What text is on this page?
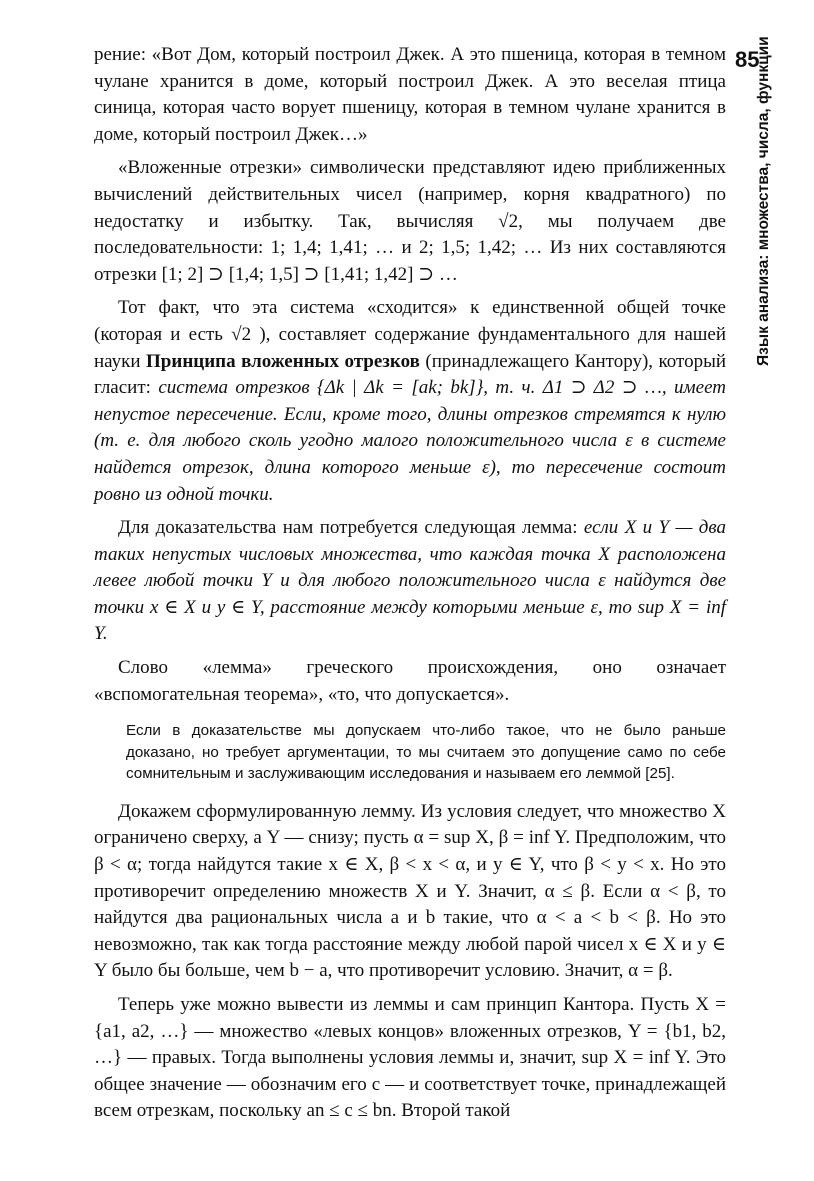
85
Язык анализа: множества, числа, функции

рение: «Вот Дом, который построил Джек. А это пшеница, которая в темном чулане хранится в доме, который построил Джек. А это веселая птица синица, которая часто ворует пшеницу, которая в темном чулане хранится в доме, который построил Джек…»

«Вложенные отрезки» символически представляют идею приближенных вычислений действительных чисел (например, корня квадратного) по недостатку и избытку. Так, вычисляя √2, мы получаем две последовательности: 1; 1,4; 1,41; … и 2; 1,5; 1,42; … Из них составляются отрезки [1; 2] ⊃ [1,4; 1,5] ⊃ [1,41; 1,42] ⊃ …

Тот факт, что эта система «сходится» к единственной общей точке (которая и есть √2 ), составляет содержание фундаментального для нашей науки Принципа вложенных отрезков (принадлежащего Кантору), который гласит: система отрезков {Δk | Δk = [ak; bk]}, т. ч. Δ1 ⊃ Δ2 ⊃ …, имеет непустое пересечение. Если, кроме того, длины отрезков стремятся к нулю (т. е. для любого сколь угодно малого положительного числа ε в системе найдется отрезок, длина которого меньше ε), то пересечение состоит ровно из одной точки.

Для доказательства нам потребуется следующая лемма: если X и Y — два таких непустых числовых множества, что каждая точка X расположена левее любой точки Y и для любого положительного числа ε найдутся две точки x ∈ X и y ∈ Y, расстояние между которыми меньше ε, то sup X = inf Y.

Слово «лемма» греческого происхождения, оно означает «вспомогательная теорема», «то, что допускается».

Если в доказательстве мы допускаем что-либо такое, что не было раньше доказано, но требует аргументации, то мы считаем это допущение само по себе сомнительным и заслуживающим исследования и называем его леммой [25].

Докажем сформулированную лемму. Из условия следует, что множество X ограничено сверху, а Y — снизу; пусть α = sup X, β = inf Y. Предположим, что β < α; тогда найдутся такие x ∈ X, β < x < α, и y ∈ Y, что β < y < x. Но это противоречит определению множеств X и Y. Значит, α ≤ β. Если α < β, то найдутся два рациональных числа a и b такие, что α < a < b < β. Но это невозможно, так как тогда расстояние между любой парой чисел x ∈ X и y ∈ Y было бы больше, чем b − a, что противоречит условию. Значит, α = β.

Теперь уже можно вывести из леммы и сам принцип Кантора. Пусть X = {a1, a2, …} — множество «левых концов» вложенных отрезков, Y = {b1, b2, …} — правых. Тогда выполнены условия леммы и, значит, sup X = inf Y. Это общее значение — обозначим его c — и соответствует точке, принадлежащей всем отрезкам, поскольку an ≤ c ≤ bn. Второй такой
